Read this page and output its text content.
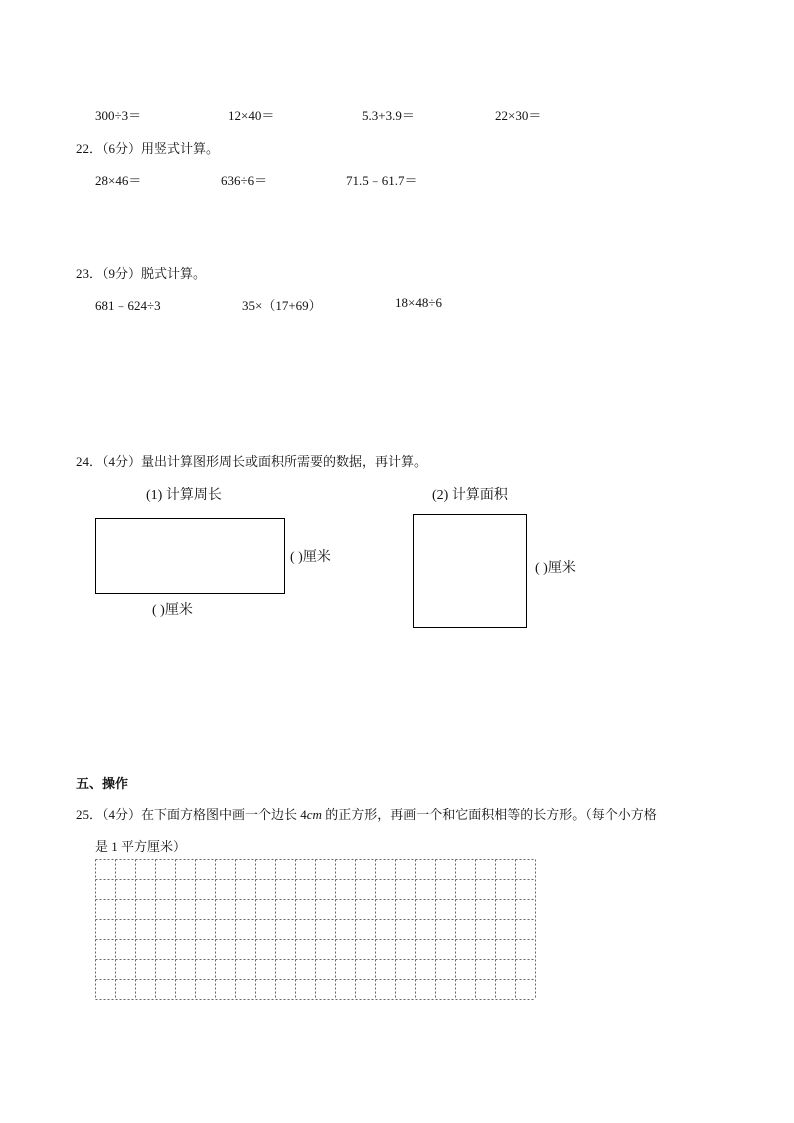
300÷3＝	12×40＝	5.3+3.9＝	22×30＝
22．（6分）用竖式计算。
28×46＝	636÷6＝	71.5﹣61.7＝
23．（9分）脱式计算。
681﹣624÷3	35×（17+69）	18×48÷6
24．（4分）量出计算图形周长或面积所需要的数据，再计算。
(1) 计算周长	(2) 计算面积
( )厘米
( )厘米
( )厘米
五、操作
25．（4分）在下面方格图中画一个边长 4cm 的正方形，再画一个和它面积相等的长方形。（每个小方格
是 1 平方厘米）
